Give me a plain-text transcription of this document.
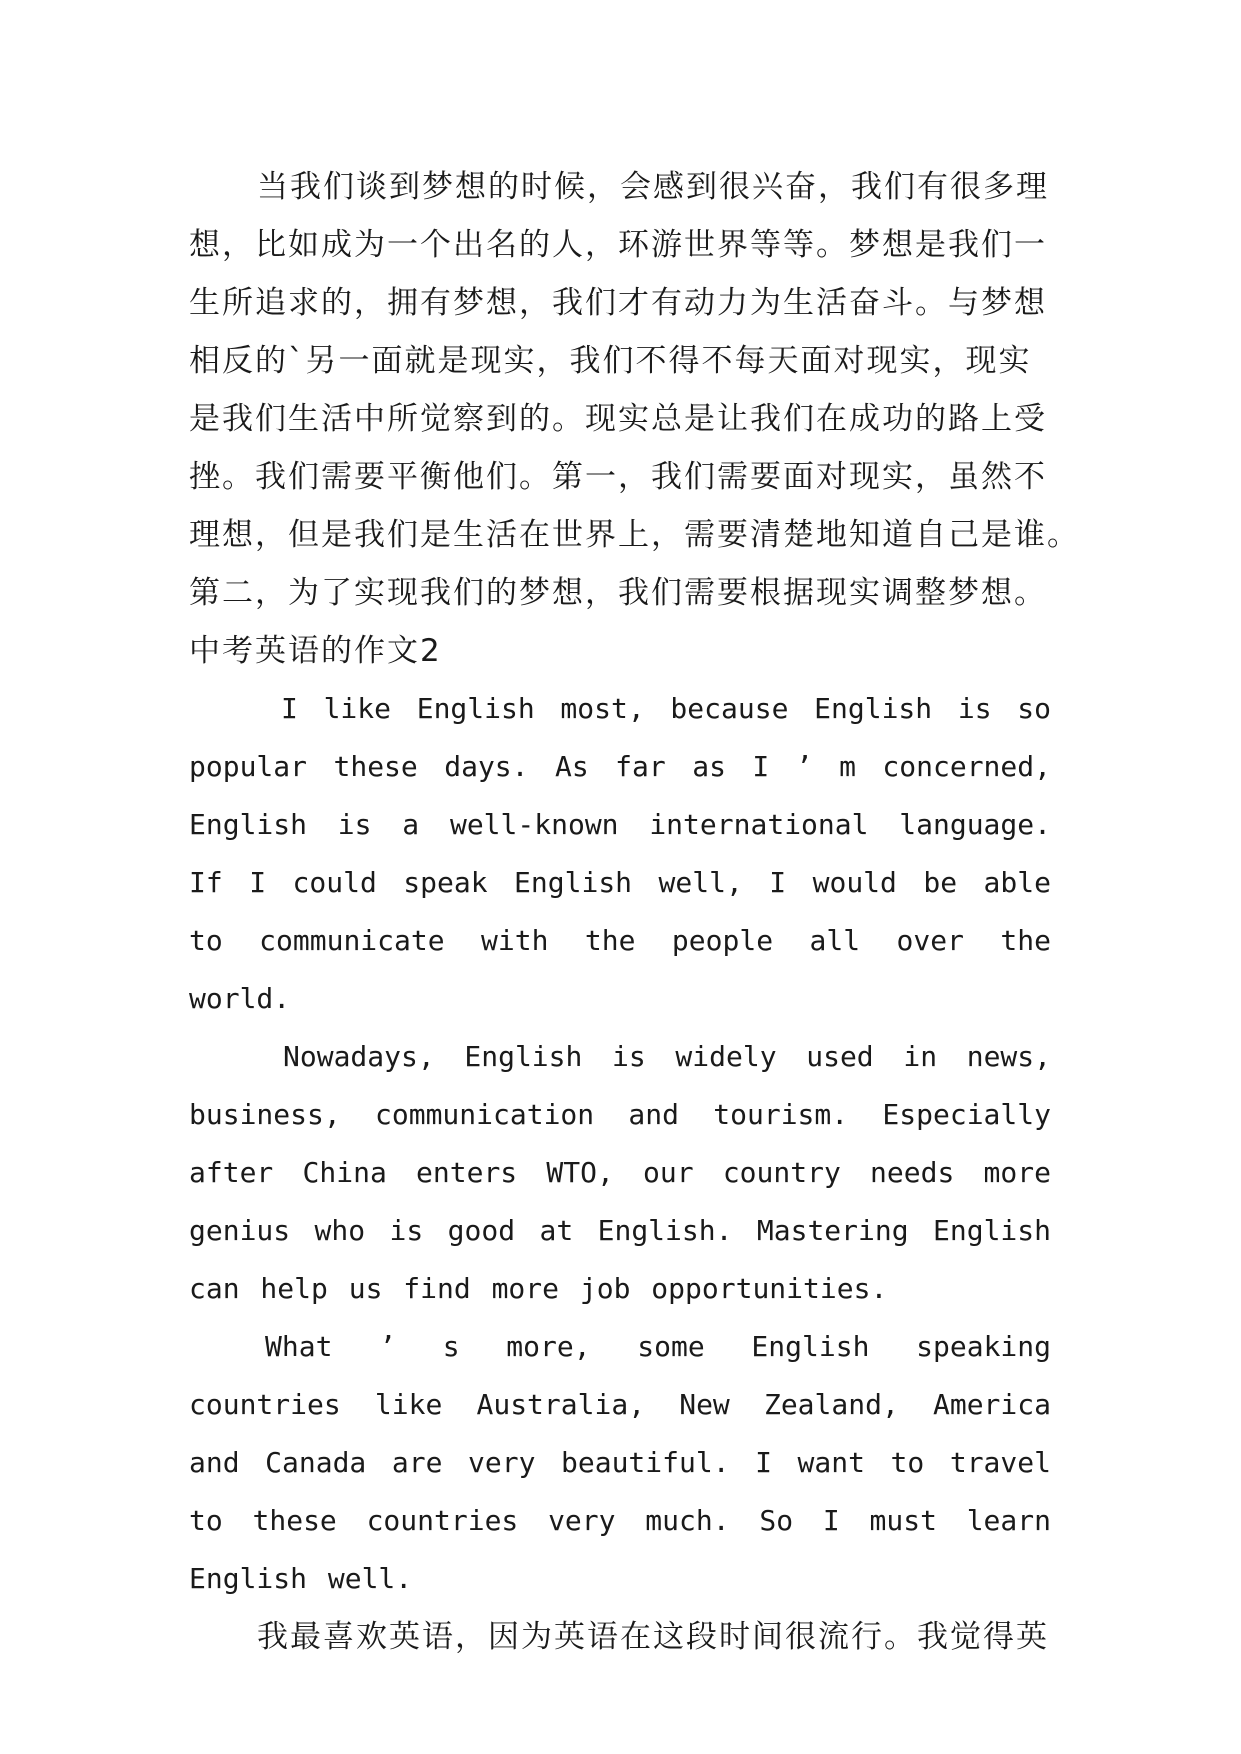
当我们谈到梦想的时候，会感到很兴奋，我们有很多理
想，比如成为一个出名的人，环游世界等等。梦想是我们一
生所追求的，拥有梦想，我们才有动力为生活奋斗。与梦想
相反的`另一面就是现实，我们不得不每天面对现实，现实
是我们生活中所觉察到的。现实总是让我们在成功的路上受
挫。我们需要平衡他们。第一，我们需要面对现实，虽然不
理想，但是我们是生活在世界上，需要清楚地知道自己是谁。
第二，为了实现我们的梦想，我们需要根据现实调整梦想。

中考英语的作文2

I like English most, because English is so popular these days. As far as I ’ m concerned, English is a well-known international language. If I could speak English well, I would be able to communicate with the people all over the world.

Nowadays, English is widely used in news, business, communication and tourism. Especially after China enters WTO, our country needs more genius who is good at English. Mastering English can help us find more job opportunities.

What ’ s more, some English speaking countries like Australia, New Zealand, America and Canada are very beautiful. I want to travel to these countries very much. So I must learn English well.

我最喜欢英语，因为英语在这段时间很流行。我觉得英
